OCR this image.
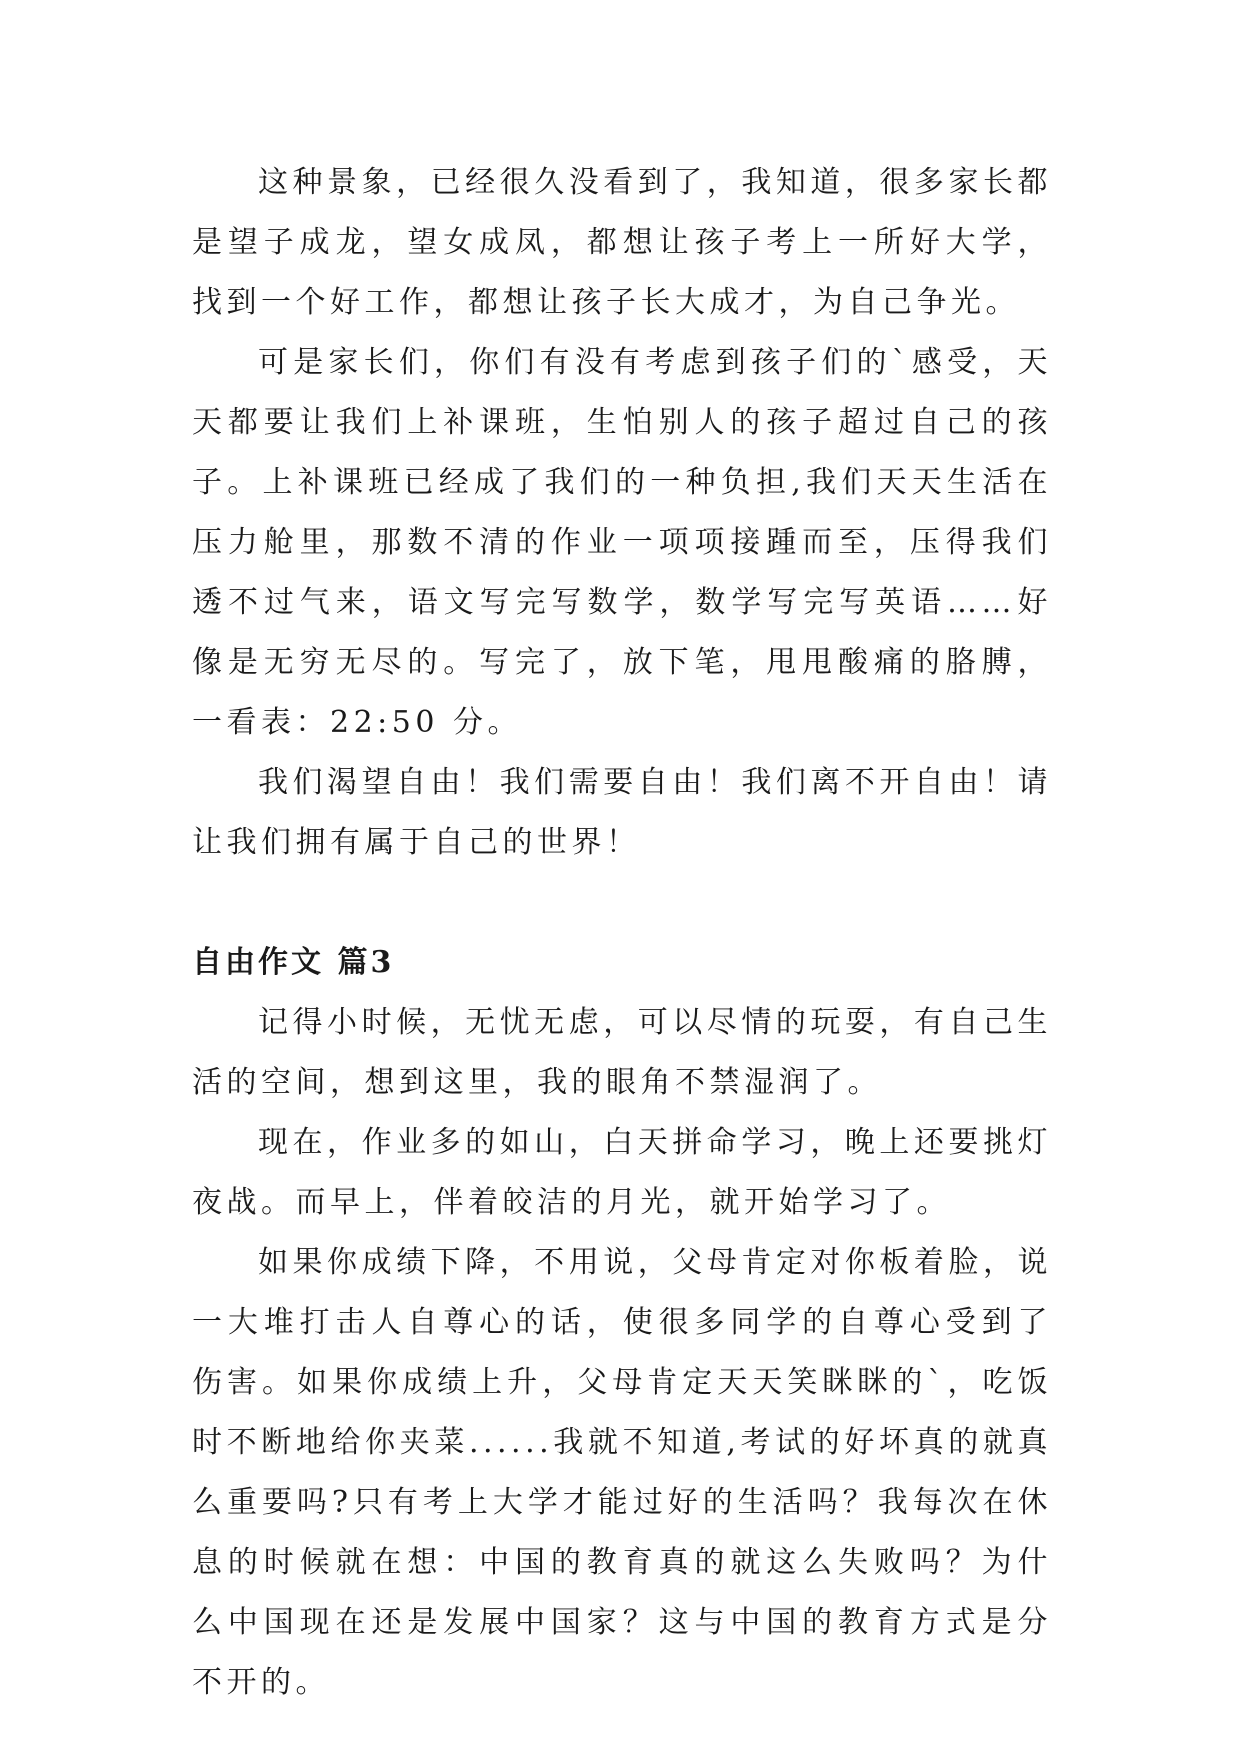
这种景象，已经很久没看到了，我知道，很多家长都是望子成龙，望女成凤，都想让孩子考上一所好大学，找到一个好工作，都想让孩子长大成才，为自己争光。

可是家长们，你们有没有考虑到孩子们的`感受，天天都要让我们上补课班，生怕别人的孩子超过自己的孩子。上补课班已经成了我们的一种负担,我们天天生活在压力舱里，那数不清的作业一项项接踵而至，压得我们透不过气来，语文写完写数学，数学写完写英语……好像是无穷无尽的。写完了，放下笔，甩甩酸痛的胳膊，一看表：22:50 分。

我们渴望自由！我们需要自由！我们离不开自由！请让我们拥有属于自己的世界！

自由作文 篇3

记得小时候，无忧无虑，可以尽情的玩耍，有自己生活的空间，想到这里，我的眼角不禁湿润了。

现在，作业多的如山，白天拼命学习，晚上还要挑灯夜战。而早上，伴着皎洁的月光，就开始学习了。

如果你成绩下降，不用说，父母肯定对你板着脸，说一大堆打击人自尊心的话，使很多同学的自尊心受到了伤害。如果你成绩上升，父母肯定天天笑眯眯的`，吃饭时不断地给你夹菜......我就不知道,考试的好坏真的就真么重要吗?只有考上大学才能过好的生活吗？我每次在休息的时候就在想：中国的教育真的就这么失败吗？为什么中国现在还是发展中国家？这与中国的教育方式是分不开的。
